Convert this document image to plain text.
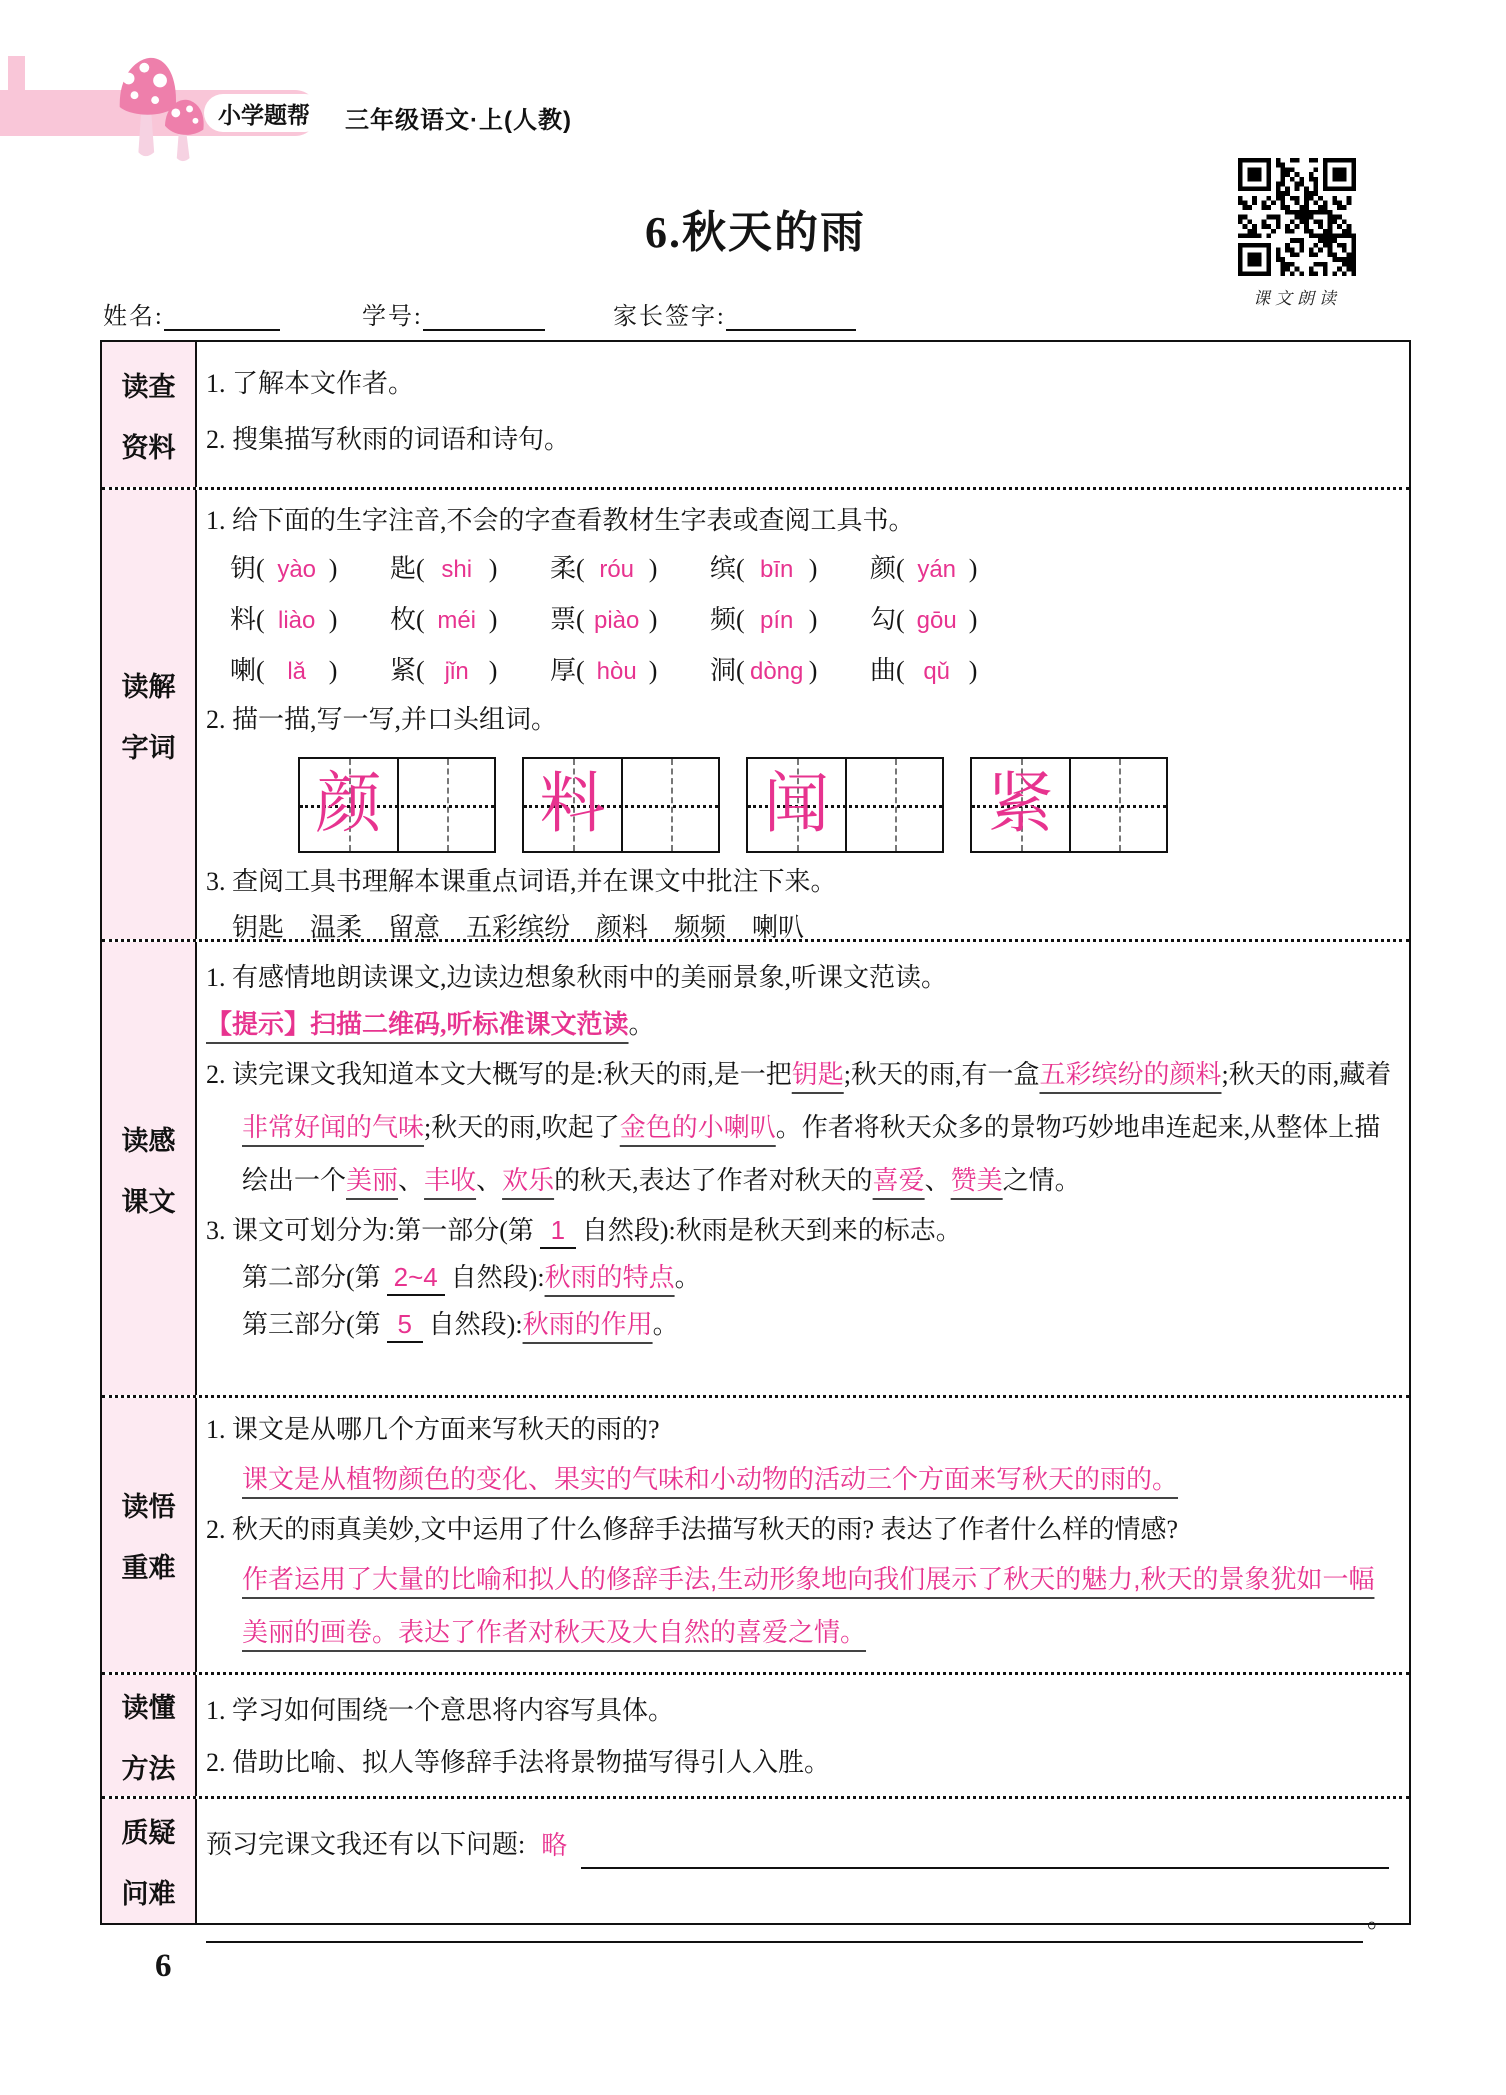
小学题帮 三年级语文·上(人教)
6.秋天的雨
课文朗读
姓名:	学号:	家长签字:
读查
资料
1. 了解本文作者。
2. 搜集描写秋雨的词语和诗句。
读解
字词
1. 给下面的生字注音,不会的字查看教材生字表或查阅工具书。
钥( yào )	匙( shi )	柔( róu )	缤( bīn )	颜( yán )
料( liào )	枚( méi )	票( piào )	频( pín )	勾( gōu )
喇( lǎ )	紧( jǐn )	厚( hòu )	洞( dòng )	曲( qǔ )
2. 描一描,写一写,并口头组词。
颜 料 闻 紧
3. 查阅工具书理解本课重点词语,并在课文中批注下来。
钥匙　温柔　留意　五彩缤纷　颜料　频频　喇叭
读感
课文
1. 有感情地朗读课文,边读边想象秋雨中的美丽景象,听课文范读。
【提示】扫描二维码,听标准课文范读。
2. 读完课文我知道本文大概写的是:秋天的雨,是一把钥匙;秋天的雨,有一盒五彩缤纷的颜料;秋天的雨,藏着非常好闻的气味;秋天的雨,吹起了金色的小喇叭。作者将秋天众多的景物巧妙地串连起来,从整体上描绘出一个美丽、丰收、欢乐的秋天,表达了作者对秋天的喜爱、赞美之情。
3. 课文可划分为:第一部分(第 1 自然段):秋雨是秋天到来的标志。
第二部分(第 2~4 自然段):秋雨的特点。
第三部分(第 5 自然段):秋雨的作用。
读悟
重难
1. 课文是从哪几个方面来写秋天的雨的?
课文是从植物颜色的变化、果实的气味和小动物的活动三个方面来写秋天的雨的。
2. 秋天的雨真美妙,文中运用了什么修辞手法描写秋天的雨? 表达了作者什么样的情感?
作者运用了大量的比喻和拟人的修辞手法,生动形象地向我们展示了秋天的魅力,秋天的景象犹如一幅美丽的画卷。表达了作者对秋天及大自然的喜爱之情。
读懂
方法
1. 学习如何围绕一个意思将内容写具体。
2. 借助比喻、拟人等修辞手法将景物描写得引人入胜。
质疑
问难
预习完课文我还有以下问题: 略
。
6
